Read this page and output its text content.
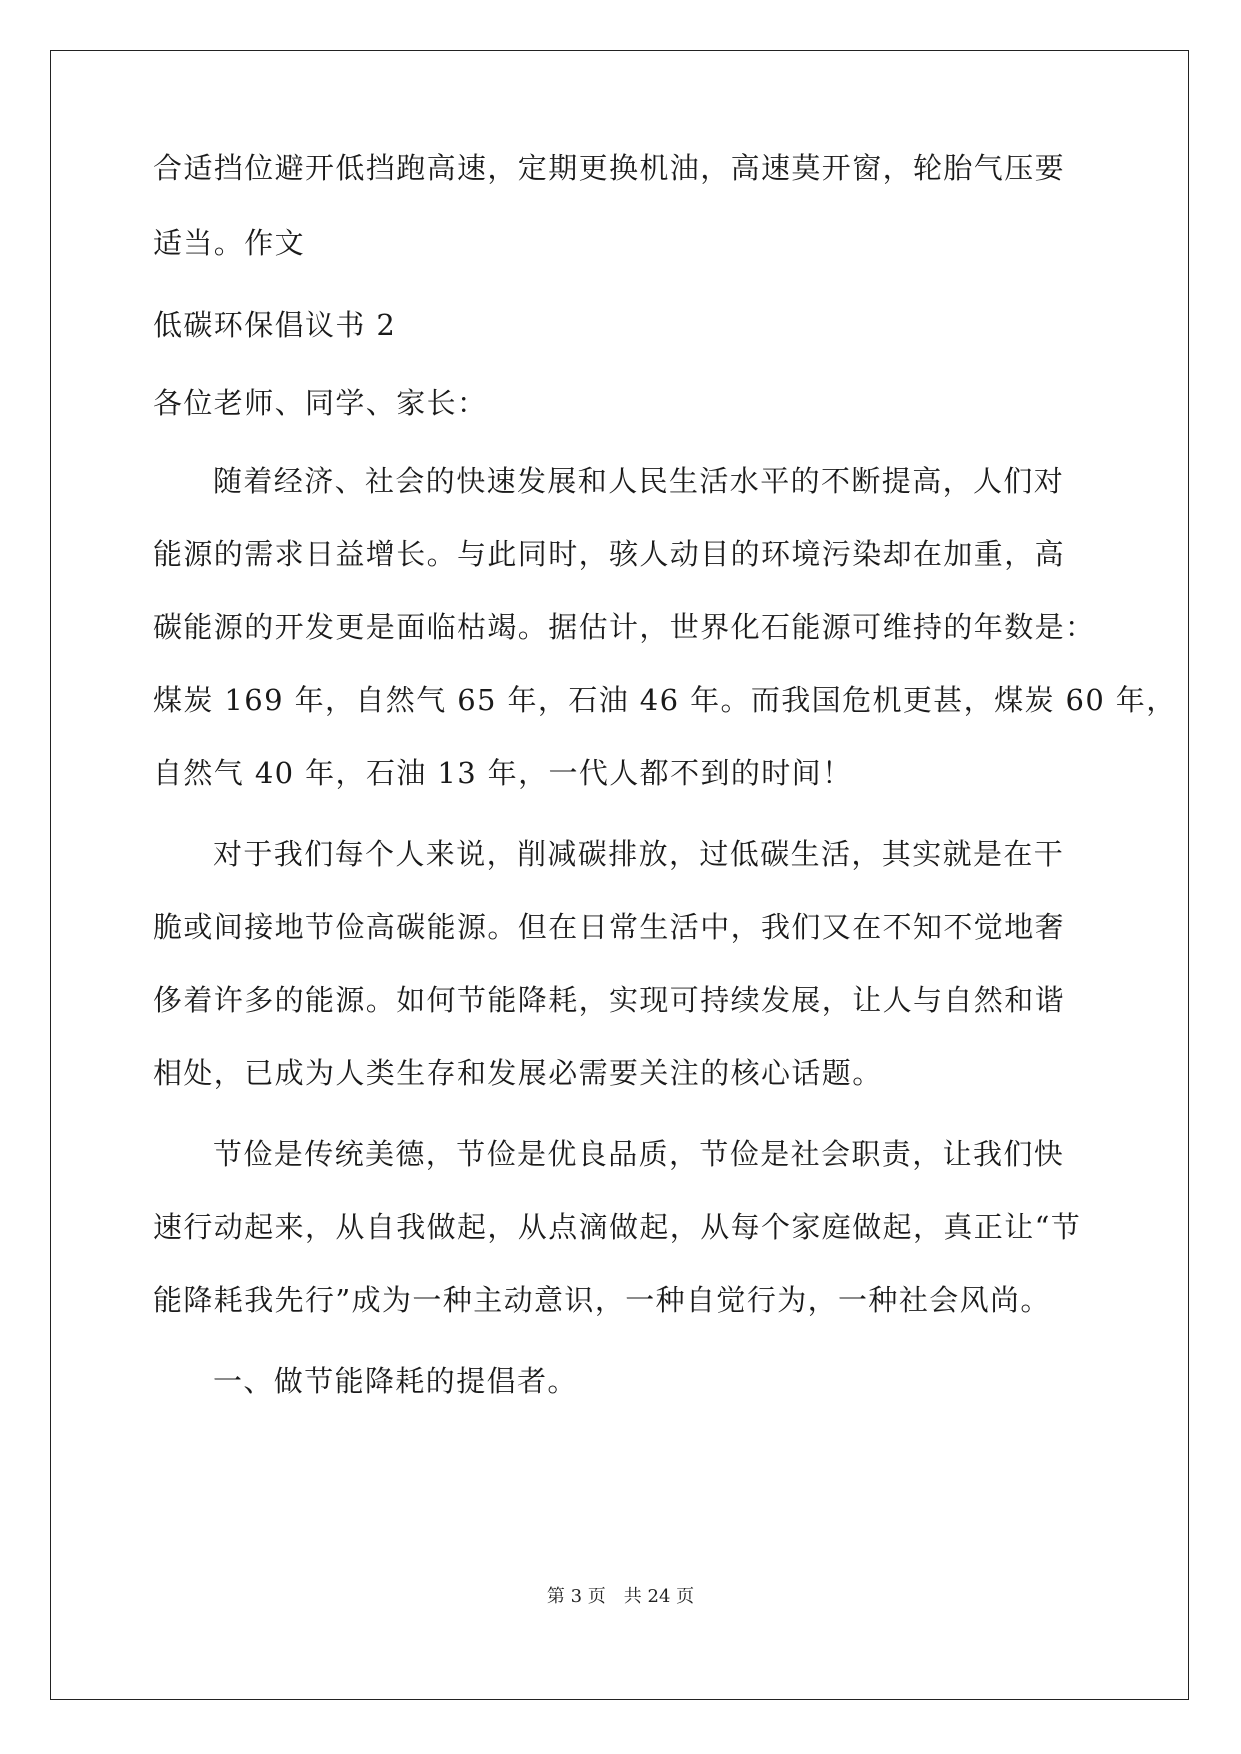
合适挡位避开低挡跑高速，定期更换机油，高速莫开窗，轮胎气压要
适当。作文
低碳环保倡议书 2
各位老师、同学、家长：
随着经济、社会的快速发展和人民生活水平的不断提高，人们对
能源的需求日益增长。与此同时，骇人动目的环境污染却在加重，高
碳能源的开发更是面临枯竭。据估计，世界化石能源可维持的年数是：
煤炭 169 年，自然气 65 年，石油 46 年。而我国危机更甚，煤炭 60 年，
自然气 40 年，石油 13 年，一代人都不到的时间！
对于我们每个人来说，削减碳排放，过低碳生活，其实就是在干
脆或间接地节俭高碳能源。但在日常生活中，我们又在不知不觉地奢
侈着许多的能源。如何节能降耗，实现可持续发展，让人与自然和谐
相处，已成为人类生存和发展必需要关注的核心话题。
节俭是传统美德，节俭是优良品质，节俭是社会职责，让我们快
速行动起来，从自我做起，从点滴做起，从每个家庭做起，真正让“节
能降耗我先行”成为一种主动意识，一种自觉行为，一种社会风尚。
一、做节能降耗的提倡者。
第 3 页 共 24 页
